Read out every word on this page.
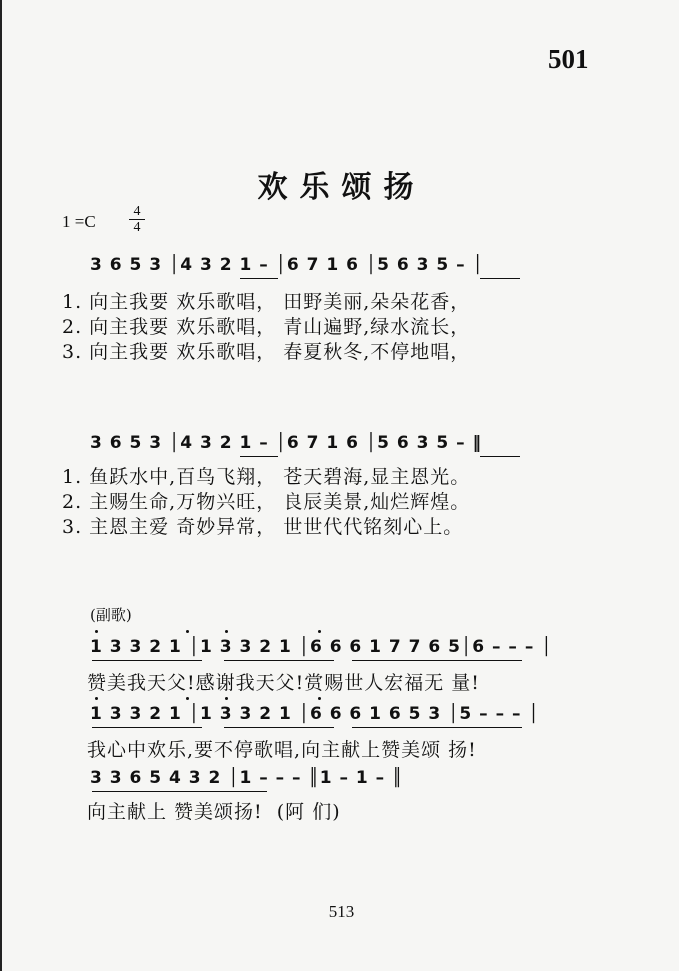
501
欢乐颂扬
1 =C
4
4
3 6 5 3 │4 3 2 1 – │6 7 1 6 │5 6 3 5 – │
1. 向主我要 欢乐歌唱， 田野美丽,朵朵花香，
2. 向主我要 欢乐歌唱， 青山遍野,绿水流长，
3. 向主我要 欢乐歌唱， 春夏秋冬,不停地唱，
3 6 5 3 │4 3 2 1 – │6 7 1 6 │5 6 3 5 – ‖
1. 鱼跃水中,百鸟飞翔， 苍天碧海,显主恩光。
2. 主赐生命,万物兴旺， 良辰美景,灿烂辉煌。
3. 主恩主爱 奇妙异常， 世世代代铭刻心上。
(副歌)
1 3 3 2 1 │1 3 3 2 1 │6 6 6 1 7 7 6 5│6 – – – │
赞美我天父!感谢我天父!赏赐世人宏福无 量!
1 3 3 2 1 │1 3 3 2 1 │6 6 6 1 6 5 3 │5 – – – │
我心中欢乐,要不停歌唱,向主献上赞美颂 扬!
3 3 6 5 4 3 2 │1 – – – ║1 – 1 – ║
向主献上 赞美颂扬!  (阿 们)
513
